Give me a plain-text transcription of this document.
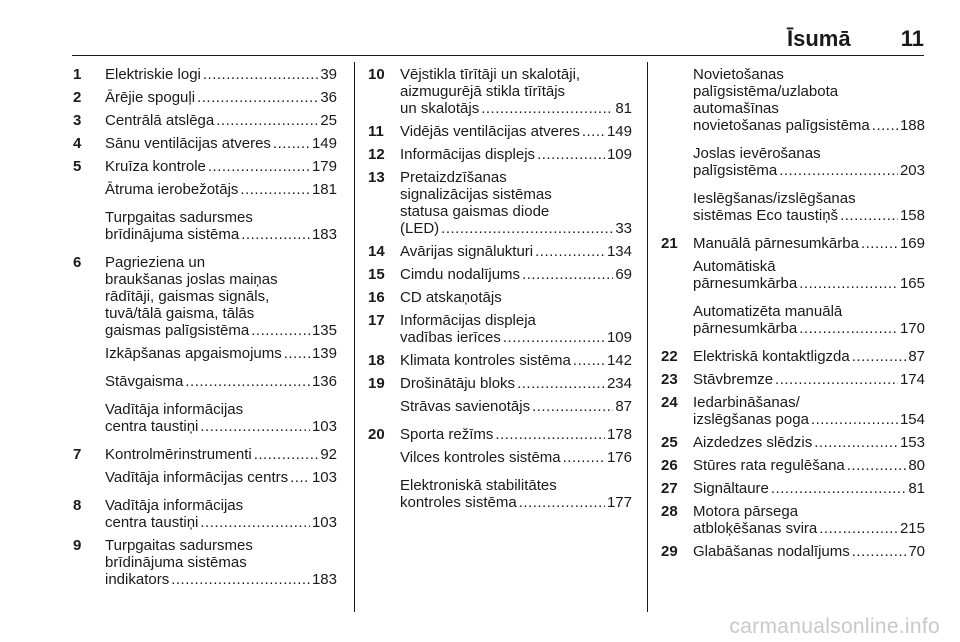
Īsumā 11
1 Elektriskie logi .....	39
2 Ārējie spoguļi .....	36
3 Centrālā atslēga .....	25
4 Sānu ventilācijas atveres .....	149
5 Kruīza kontrole .....	179
Ātruma ierobežotājs .....	181
Turpgaitas sadursmes
brīdinājuma sistēma .....	183
6 Pagrieziena un
braukšanas joslas maiņas
rādītāji, gaismas signāls,
tuvā/tālā gaisma, tālās
gaismas palīgsistēma .....	135
Izkāpšanas apgaismojums ..... 139
Stāvgaisma .....	136
Vadītāja informācijas
centra taustiņi .....	103
7 Kontrolmērinstrumenti .....	92
Vadītāja informācijas centrs ..... 103
8 Vadītāja informācijas
centra taustiņi .....	103
9 Turpgaitas sadursmes
brīdinājuma sistēmas
indikators .....	183
10 Vējstikla tīrītāji un skalotāji,
aizmugurējā stikla tīrītājs
un skalotājs .....	81
11 Vidējās ventilācijas atveres ..... 149
12 Informācijas displejs .....	109
13 Pretaizdzīšanas
signalizācijas sistēmas
statusa gaismas diode
(LED) .....	33
14 Avārijas signālukturi .....	134
15 Cimdu nodalījums .....	69
16 CD atskaņotājs
17 Informācijas displeja
vadības ierīces .....	109
18 Klimata kontroles sistēma ..... 142
19 Drošinātāju bloks .....	234
Strāvas savienotājs .....	87
20 Sporta režīms .....	178
Vilces kontroles sistēma .....	176
Elektroniskā stabilitātes
kontroles sistēma .....	177
Novietošanas
palīgsistēma/uzlabota
automašīnas
novietošanas palīgsistēma ..... 188
Joslas ievērošanas
palīgsistēma .....	203
Ieslēgšanas/izslēgšanas
sistēmas Eco taustiņš .....	158
21 Manuālā pārnesumkārba .....	169
Automātiskā
pārnesumkārba .....	165
Automatizēta manuālā
pārnesumkārba .....	170
22 Elektriskā kontaktligzda .....	87
23 Stāvbremze .....	174
24 Iedarbināšanas/
izslēgšanas poga .....	154
25 Aizdedzes slēdzis .....	153
26 Stūres rata regulēšana .....	80
27 Signāltaure .....	81
28 Motora pārsega
atbloķēšanas svira .....	215
29 Glabāšanas nodalījums .....	70
carmanualsonline.info
